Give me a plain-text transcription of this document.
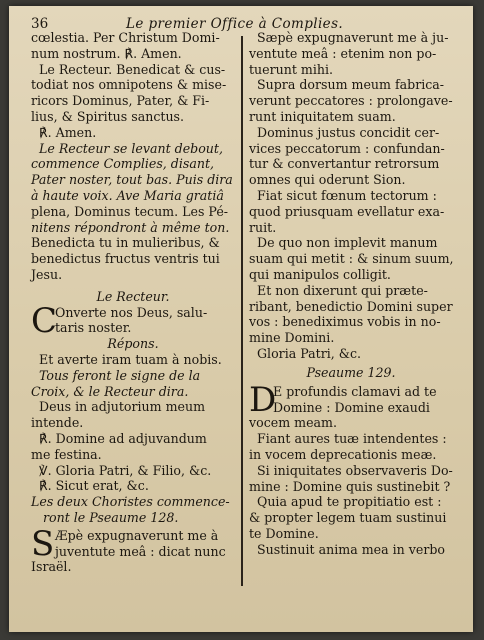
36	Le premier Office à Complies.
cœlestia. Per Christum Domi-
num nostrum. ℟. Amen.
Le Recteur. Benedicat & cus-
todiat nos omnipotens & mise-
ricors Dominus, Pater, & Fi-
lius, & Spiritus sanctus.
℟. Amen.
Le Recteur se levant debout,
commence Complies, disant,
Pater noster, tout bas. Puis dira
à haute voix. Ave Maria gratiâ
plena, Dominus tecum. Les Pé-
nitens répondront à même ton.
Benedicta tu in mulieribus, &
benedictus fructus ventris tui
Jesu.
Le Recteur.
C
Onverte nos Deus, salu-
taris noster.
Répons.
Et averte iram tuam à nobis.
Tous feront le signe de la
Croix, & le Recteur dira.
Deus in adjutorium meum
intende.
℟. Domine ad adjuvandum
me festina.
℣. Gloria Patri, & Filio, &c.
℟. Sicut erat, &c.
Les deux Choristes commence-
ront le Pseaume 128.
S Æpè expugnaverunt me à
juventute meâ : dicat nunc
Israël.
Sæpè expugnaverunt me à ju-
ventute meâ : etenim non po-
tuerunt mihi.
Supra dorsum meum fabrica-
verunt peccatores : prolongave-
runt iniquitatem suam.
Dominus justus concidit cer-
vices peccatorum : confundan-
tur & convertantur retrorsum
omnes qui oderunt Sion.
Fiat sicut fœnum tectorum :
quod priusquam evellatur exa-
ruit.
De quo non implevit manum
suam qui metit : & sinum suum,
qui manipulos colligit.
Et non dixerunt qui præte-
ribant, benedictio Domini super
vos : benediximus vobis in no-
mine Domini.
Gloria Patri, &c.
Pseaume 129.
D
E profundis clamavi ad te
Domine : Domine exaudi
vocem meam.
Fiant aures tuæ intendentes :
in vocem deprecationis meæ.
Si iniquitates observaveris Do-
mine : Domine quis sustinebit ?
Quia apud te propitiatio est :
& propter legem tuam sustinui
te Domine.
Sustinuit anima mea in verbo
